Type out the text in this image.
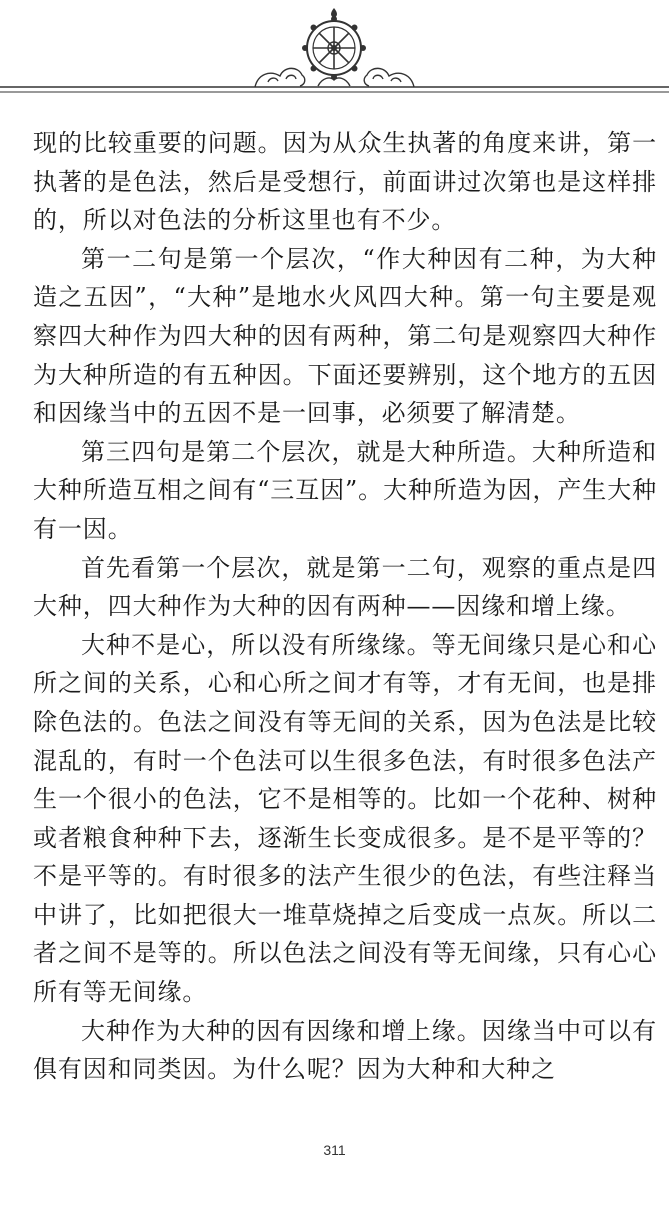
现的比较重要的问题。因为从众生执著的角度来讲，第一执著的是色法，然后是受想行，前面讲过次第也是这样排的，所以对色法的分析这里也有不少。

第一二句是第一个层次，“作大种因有二种，为大种造之五因”，“大种”是地水火风四大种。第一句主要是观察四大种作为四大种的因有两种，第二句是观察四大种作为大种所造的有五种因。下面还要辨别，这个地方的五因和因缘当中的五因不是一回事，必须要了解清楚。

第三四句是第二个层次，就是大种所造。大种所造和大种所造互相之间有“三互因”。大种所造为因，产生大种有一因。

首先看第一个层次，就是第一二句，观察的重点是四大种，四大种作为大种的因有两种——因缘和增上缘。

大种不是心，所以没有所缘缘。等无间缘只是心和心所之间的关系，心和心所之间才有等，才有无间，也是排除色法的。色法之间没有等无间的关系，因为色法是比较混乱的，有时一个色法可以生很多色法，有时很多色法产生一个很小的色法，它不是相等的。比如一个花种、树种或者粮食种种下去，逐渐生长变成很多。是不是平等的？不是平等的。有时很多的法产生很少的色法，有些注释当中讲了，比如把很大一堆草烧掉之后变成一点灰。所以二者之间不是等的。所以色法之间没有等无间缘，只有心心所有等无间缘。

大种作为大种的因有因缘和增上缘。因缘当中可以有俱有因和同类因。为什么呢？因为大种和大种之

311
